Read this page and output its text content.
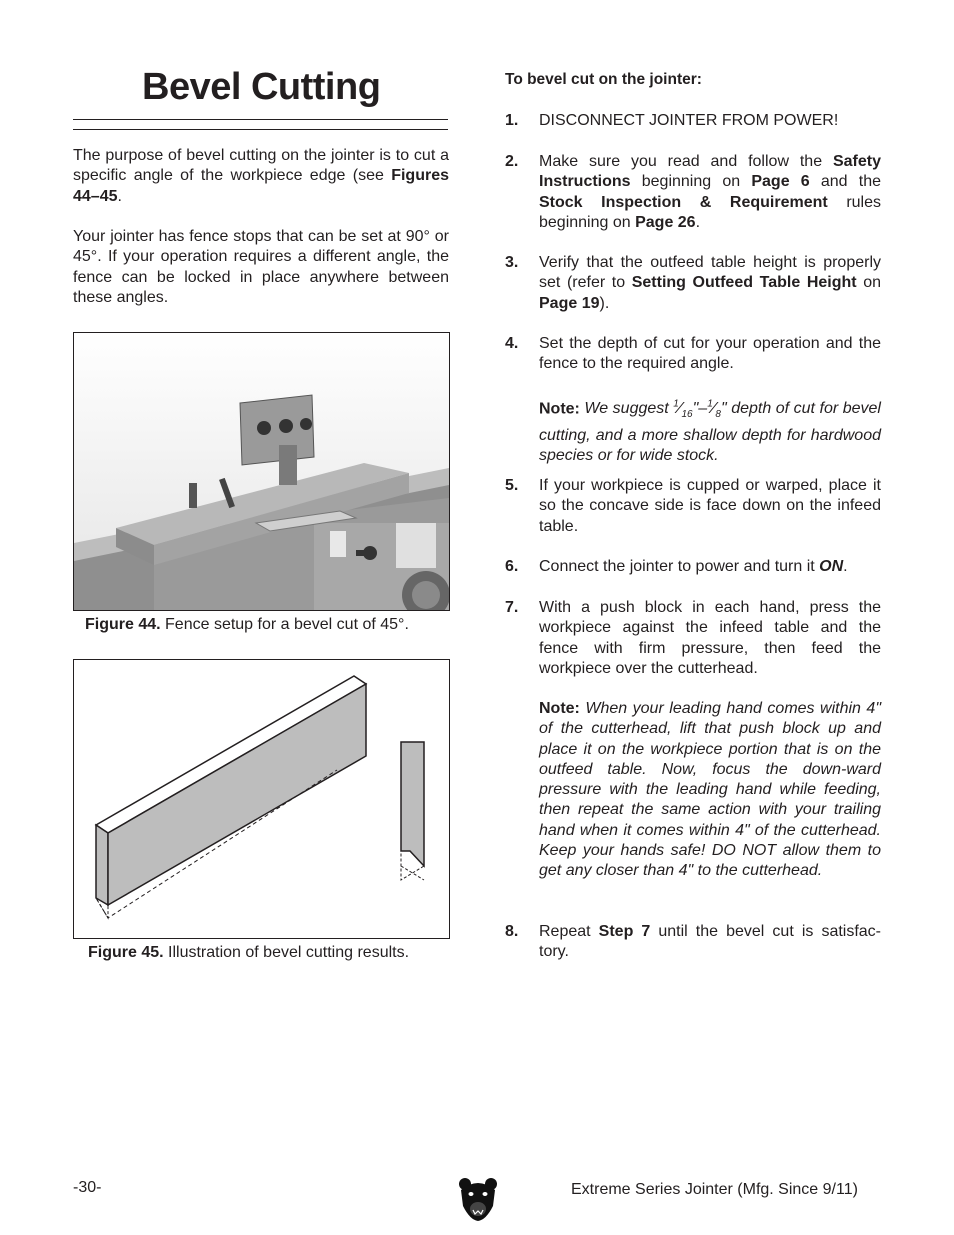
Bevel Cutting

The purpose of bevel cutting on the jointer is to cut a specific angle of the workpiece edge (see Figures 44–45.

Your jointer has fence stops that can be set at 90° or 45°. If your operation requires a different angle, the fence can be locked in place anywhere between these angles.

Figure 44. Fence setup for a bevel cut of 45°.
Figure 45. Illustration of bevel cutting results.
To bevel cut on the jointer:
1. DISCONNECT JOINTER FROM POWER!
2. Make sure you read and follow the Safety Instructions beginning on Page 6 and the Stock Inspection & Requirement rules beginning on Page 26.
3. Verify that the outfeed table height is properly set (refer to Setting Outfeed Table Height on Page 19).
4. Set the depth of cut for your operation and the fence to the required angle.
Note: We suggest $^1⁄_{16}"-^1⁄_8$" depth of cut for bevel cutting, and a more shallow depth for hardwood species or for wide stock.
5. If your workpiece is cupped or warped, place it so the concave side is face down on the infeed table.
6. Connect the jointer to power and turn it ON.
7. With a push block in each hand, press the workpiece against the infeed table and the fence with firm pressure, then feed the workpiece over the cutterhead.
Note: When your leading hand comes within 4" of the cutterhead, lift that push block up and place it on the workpiece portion that is on the outfeed table. Now, focus the down-ward pressure with the leading hand while feeding, then repeat the same action with your trailing hand when it comes within 4" of the cutterhead. Keep your hands safe! DO NOT allow them to get any closer than 4" to the cutterhead.
8. Repeat Step 7 until the bevel cut is satisfac-tory.
-30-	Extreme Series Jointer (Mfg. Since 9/11)
